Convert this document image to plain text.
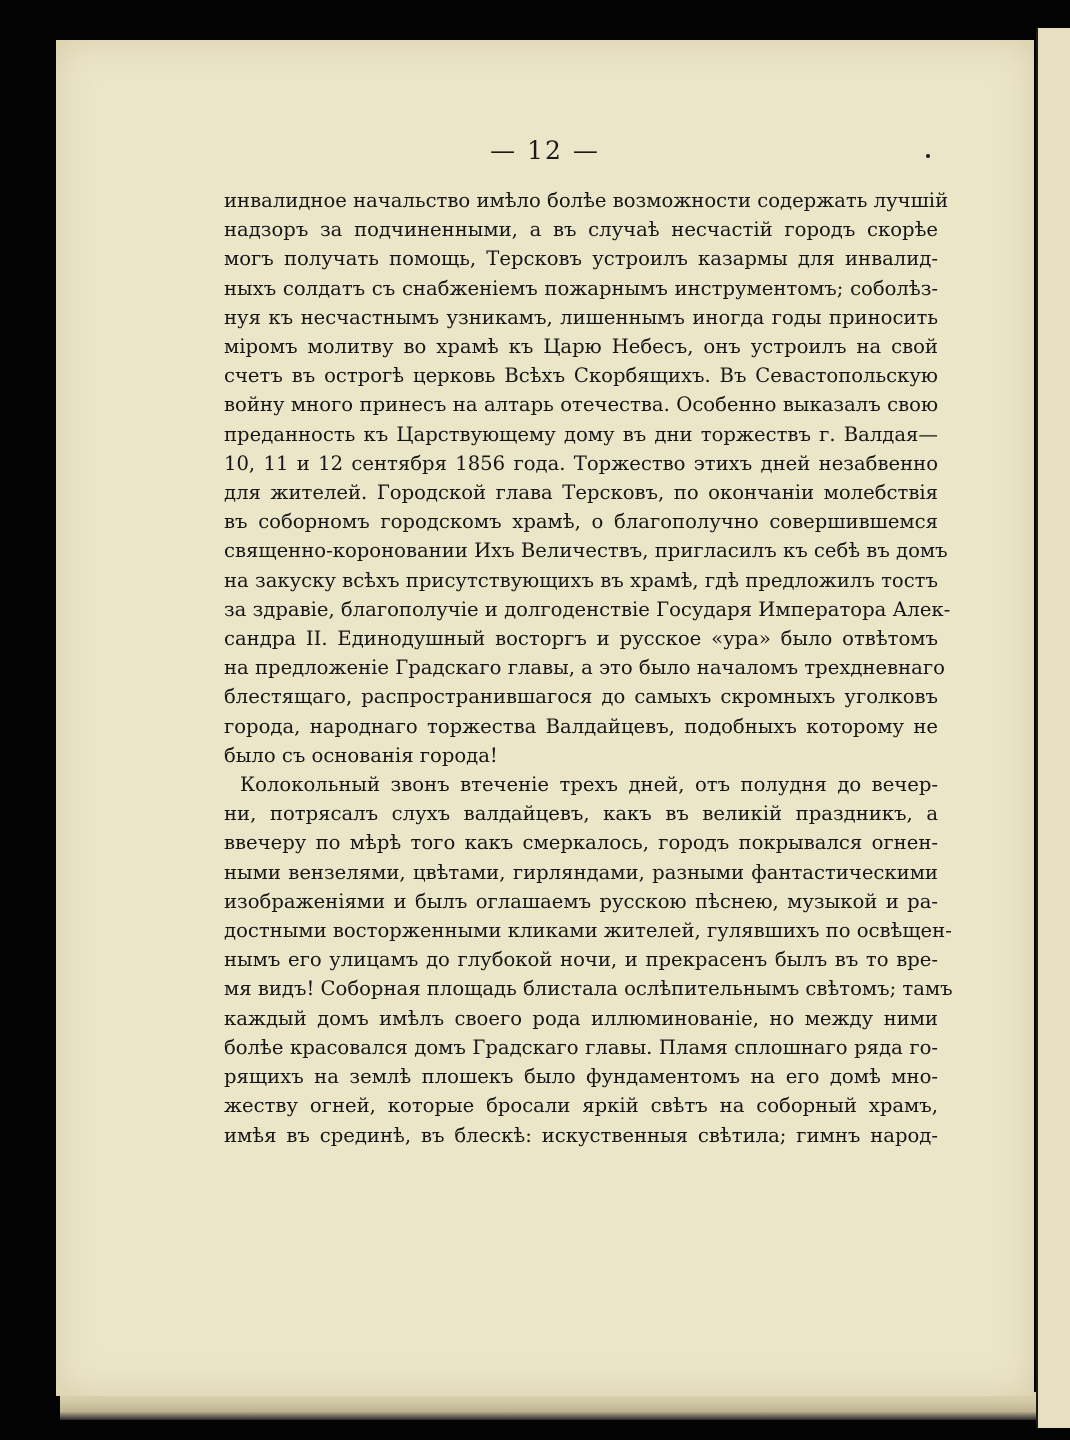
— 12 —
инвалидное начальство имѣло болѣе возможности содержать лучшій
надзоръ за подчиненными, а въ случаѣ несчастій городъ скорѣе
могъ получать помощь, Терсковъ устроилъ казармы для инвалид-
ныхъ солдатъ съ снабженіемъ пожарнымъ инструментомъ; соболѣз-
нуя къ несчастнымъ узникамъ, лишеннымъ иногда годы приносить
міромъ молитву во храмѣ къ Царю Небесъ, онъ устроилъ на свой
счетъ въ острогѣ церковь Всѣхъ Скорбящихъ. Въ Севастопольскую
войну много принесъ на алтарь отечества. Особенно выказалъ свою
преданность къ Царствующему дому въ дни торжествъ г. Валдая—
10, 11 и 12 сентября 1856 года. Торжество этихъ дней незабвенно
для жителей. Городской глава Терсковъ, по окончаніи молебствія
въ соборномъ городскомъ храмѣ, о благополучно совершившемся
священно-короновании Ихъ Величествъ, пригласилъ къ себѣ въ домъ
на закуску всѣхъ присутствующихъ въ храмѣ, гдѣ предложилъ тостъ
за здравіе, благополучіе и долгоденствіе Государя Императора Алек-
сандра II. Единодушный восторгъ и русское «ура» было отвѣтомъ
на предложеніе Градскаго главы, а это было началомъ трехдневнаго
блестящаго, распространившагося до самыхъ скромныхъ уголковъ
города, народнаго торжества Валдайцевъ, подобныхъ которому не
было съ основанія города!
Колокольный звонъ втеченіе трехъ дней, отъ полудня до вечер-
ни, потрясалъ слухъ валдайцевъ, какъ въ великій праздникъ, а
ввечеру по мѣрѣ того какъ смеркалось, городъ покрывался огнен-
ными вензелями, цвѣтами, гирляндами, разными фантастическими
изображеніями и былъ оглашаемъ русскою пѣснею, музыкой и ра-
достными восторженными кликами жителей, гулявшихъ по освѣщен-
нымъ его улицамъ до глубокой ночи, и прекрасенъ былъ въ то вре-
мя видъ! Соборная площадь блистала ослѣпительнымъ свѣтомъ; тамъ
каждый домъ имѣлъ своего рода иллюминованіе, но между ними
болѣе красовался домъ Градскаго главы. Пламя сплошнаго ряда го-
рящихъ на землѣ плошекъ было фундаментомъ на его домѣ мно-
жеству огней, которые бросали яркій свѣтъ на соборный храмъ,
имѣя въ срединѣ, въ блескѣ: искуственныя свѣтила; гимнъ народ-
